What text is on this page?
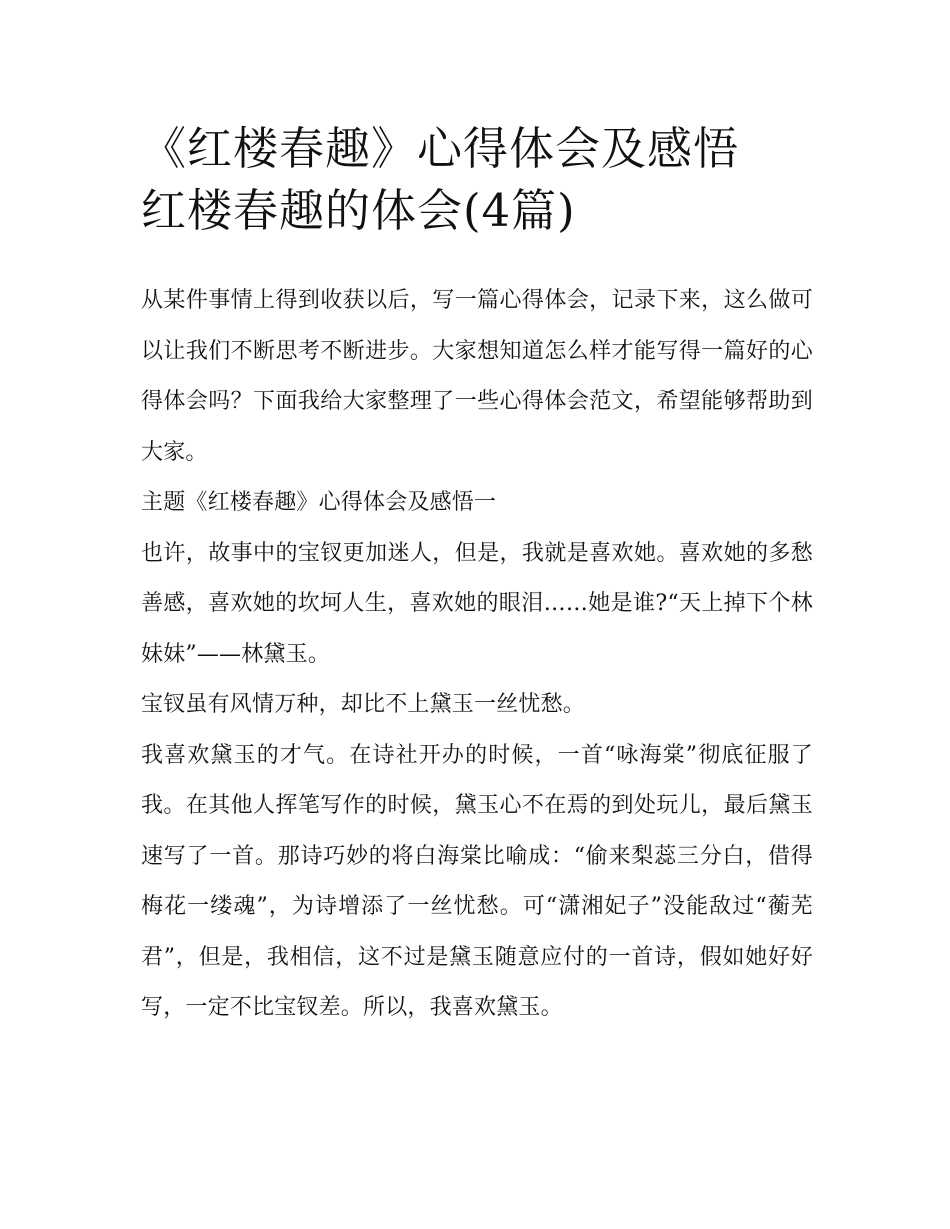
《红楼春趣》心得体会及感悟
红楼春趣的体会(4篇)

从某件事情上得到收获以后，写一篇心得体会，记录下来，这么做可以让我们不断思考不断进步。大家想知道怎么样才能写得一篇好的心得体会吗？下面我给大家整理了一些心得体会范文，希望能够帮助到大家。

主题《红楼春趣》心得体会及感悟一

也许，故事中的宝钗更加迷人，但是，我就是喜欢她。喜欢她的多愁善感，喜欢她的坎坷人生，喜欢她的眼泪……她是谁?“天上掉下个林妹妹”——林黛玉。

宝钗虽有风情万种，却比不上黛玉一丝忧愁。

我喜欢黛玉的才气。在诗社开办的时候，一首“咏海棠”彻底征服了我。在其他人挥笔写作的时候，黛玉心不在焉的到处玩儿，最后黛玉速写了一首。那诗巧妙的将白海棠比喻成：“偷来梨蕊三分白，借得梅花一缕魂”，为诗增添了一丝忧愁。可“潇湘妃子”没能敌过“蘅芜君”，但是，我相信，这不过是黛玉随意应付的一首诗，假如她好好写，一定不比宝钗差。所以，我喜欢黛玉。
